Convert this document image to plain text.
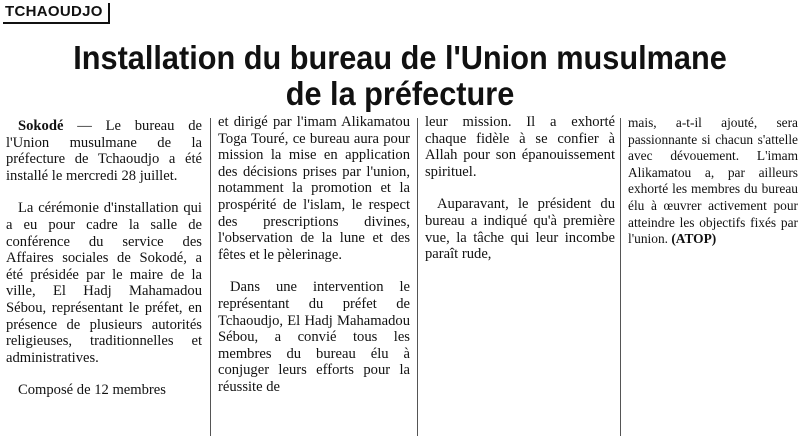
TCHAOUDJO
Installation du bureau de l'Union musulmane
de la préfecture

Sokodé — Le bureau de l'Union musulmane de la préfecture de Tchaoudjo a été installé le mercredi 28 juillet.

La cérémonie d'installation qui a eu pour cadre la salle de conférence du service des Affaires sociales de Sokodé, a été présidée par le maire de la ville, El Hadj Mahamadou Sébou, représentant le préfet, en présence de plusieurs autorités religieuses, traditionnelles et administratives.

Composé de 12 membres

et dirigé par l'imam Alikamatou Toga Touré, ce bureau aura pour mission la mise en application des décisions prises par l'union, notamment la promotion et la prospérité de l'islam, le respect des prescriptions divines, l'observation de la lune et des fêtes et le pèlerinage.

Dans une intervention le représentant du préfet de Tchaoudjo, El Hadj Mahamadou Sébou, a convié tous les membres du bureau élu à conjuger leurs efforts pour la réussite de

leur mission. Il a exhorté chaque fidèle à se confier à Allah pour son épanouissement spirituel.

Auparavant, le président du bureau a indiqué qu'à première vue, la tâche qui leur incombe paraît rude,

mais, a-t-il ajouté, sera passionnante si chacun s'attelle avec dévouement. L'imam Alikamatou a, par ailleurs exhorté les membres du bureau élu à œuvrer activement pour atteindre les objectifs fixés par l'union. (ATOP)
